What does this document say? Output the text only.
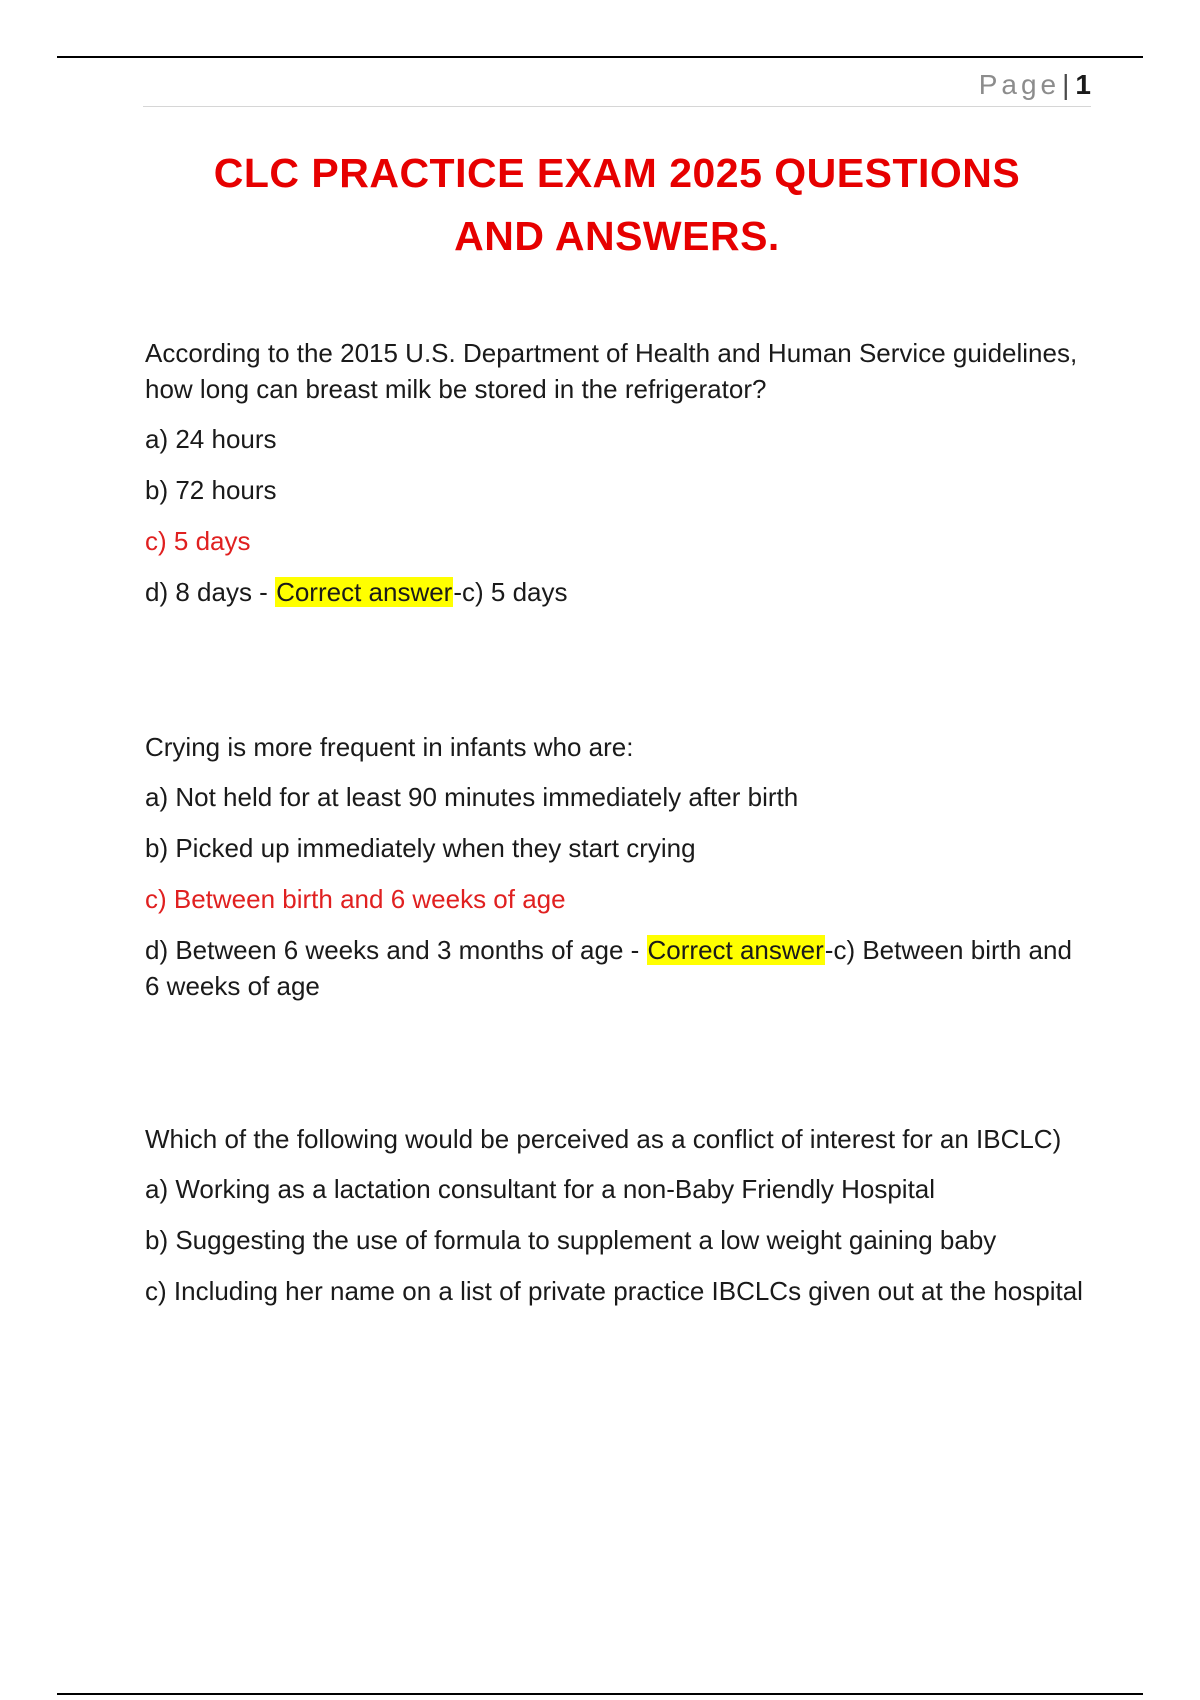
Page| 1
CLC PRACTICE EXAM 2025 QUESTIONS
AND ANSWERS.

According to the 2015 U.S. Department of Health and Human Service guidelines, how long can breast milk be stored in the refrigerator?

a) 24 hours

b) 72 hours

c) 5 days

d) 8 days - Correct answer-c) 5 days

Crying is more frequent in infants who are:

a) Not held for at least 90 minutes immediately after birth

b) Picked up immediately when they start crying

c) Between birth and 6 weeks of age

d) Between 6 weeks and 3 months of age - Correct answer-c) Between birth and 6 weeks of age

Which of the following would be perceived as a conflict of interest for an IBCLC)

a) Working as a lactation consultant for a non-Baby Friendly Hospital

b) Suggesting the use of formula to supplement a low weight gaining baby

c) Including her name on a list of private practice IBCLCs given out at the hospital
